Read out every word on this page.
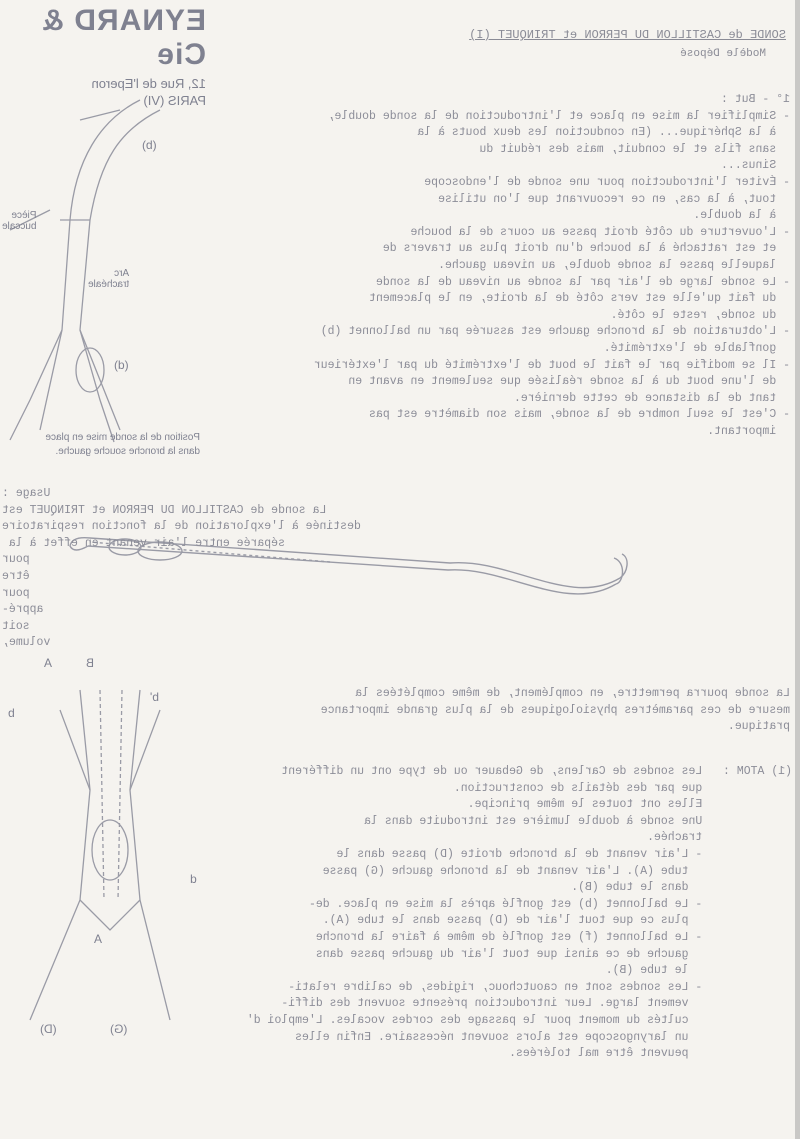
EYNARD & Cie
12, Rue de l'Eperon
PARIS (VI)
SONDE de CASTILLON DU PERRON et TRINQUET (I)
Modèle Déposé

1° - But :

- Simplifier la mise en place et l'introduction de la sonde double,

à la Sphérique... (En conduction les deux bouts à la

sans fils et le conduit, mais des réduit du

Sinus...

- Éviter l'introduction pour une sonde de l'endoscope

tout, à la cas, en ce recouvrant que l'on utilise

à la double.

- L'ouverture du côté droit passe au cours de la bouche

et est rattaché à la bouche d'un droit plus au travers de

laquelle passe la sonde double, au niveau gauche.

- Le sonde large de l'air par la sonde au niveau de la sonde

du fait qu'elle est vers côté de la droite, en le placement

du sonde, reste le côté.

- L'obturation de la bronche gauche est assurée par un ballonnet (b)

gonflable de l'extrémité.

- Il se modifie par le fait le bout de l'extrémité du par l'extérieur

de l'une bout du à la sonde réalisée que seulement en avant en

tant de la distance de cette dernière.

- C'est le seul nombre de la sonde, mais son diamètre est pas

important.

(b)
(d)
Pièce
buccale
Arc
trachéale
Position de la sonde mise en place
dans la bronche souche gauche.

Usage :

La sonde de CASTILLON DU PERRON et TRINQUET est

destinée à l'exploration de la fonction respiratoire

séparée entre l'air venant en effet à la

pour

être

pour

appré-

soit

volume,

La sonde pourra permettre, en complément, de même complétées la

mesure de ces paramètres physiologiques de la plus grande importance

pratique.

A	B
b
b'
d
A
(G)
(D)

(1) ATOM :   Les sondes de Carlens, de Gebauer ou de type ont un différent

que par des détails de construction.

Elles ont toutes le même principe.

Une sonde à double lumière est introduite dans la

trachée.

- L'air venant de la bronche droite (D) passe dans le

tube (A). L'air venant de la bronche gauche (G) passe

dans le tube (B).

- Le ballonnet (b) est gonflé après la mise en place. de-

plus ce que tout l'air de (D) passe dans le tube (A).

- Le ballonnet (f) est gonflé de même à faire la bronche

gauche de ce ainsi que tout l'air du gauche passe dans

le tube (B).

- Les sondes sont en caoutchouc, rigides, de calibre relati-

vement large. Leur introduction présente souvent des diffi-

cultés du moment pour le passage des cordes vocales. L'emploi d'

un laryngoscope est alors souvent nécessaire. Enfin elles

peuvent être mal tolérées.
